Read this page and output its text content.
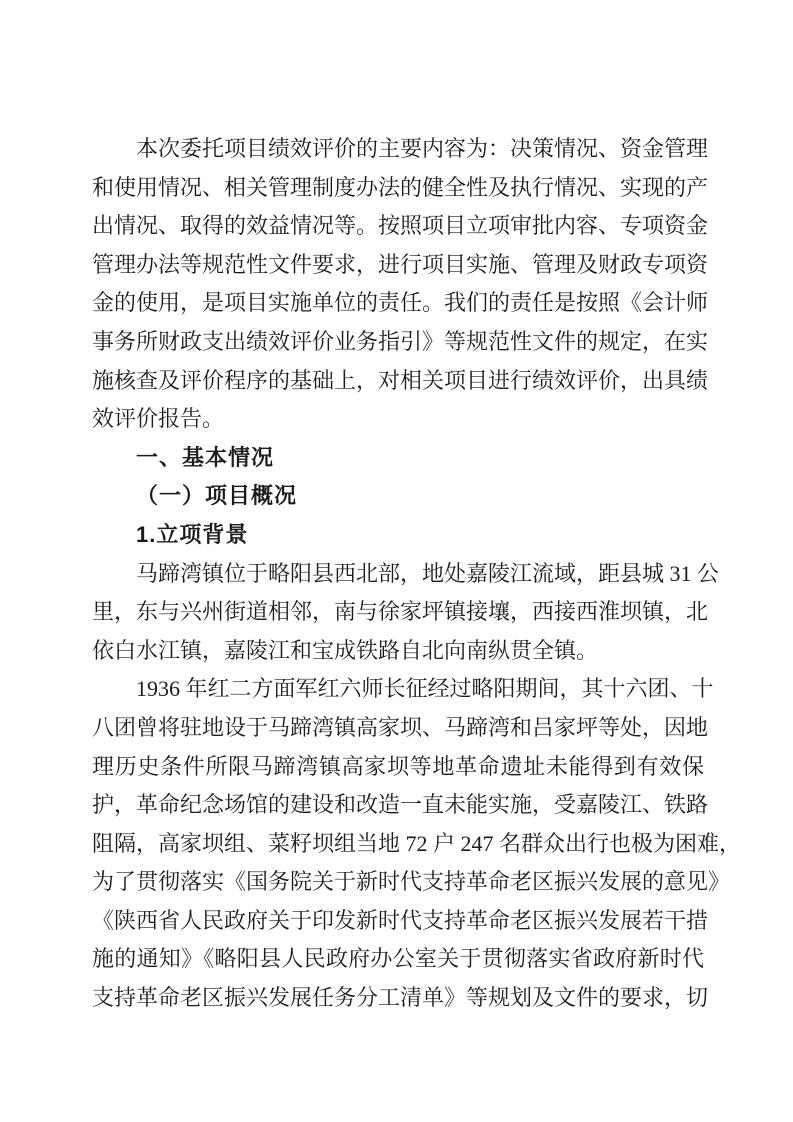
本次委托项目绩效评价的主要内容为：决策情况、资金管理
和使用情况、相关管理制度办法的健全性及执行情况、实现的产
出情况、取得的效益情况等。按照项目立项审批内容、专项资金
管理办法等规范性文件要求，进行项目实施、管理及财政专项资
金的使用，是项目实施单位的责任。我们的责任是按照《会计师
事务所财政支出绩效评价业务指引》等规范性文件的规定，在实
施核查及评价程序的基础上，对相关项目进行绩效评价，出具绩
效评价报告。
一、基本情况
（一）项目概况
1.立项背景
马蹄湾镇位于略阳县西北部，地处嘉陵江流域，距县城 31 公
里，东与兴州街道相邻，南与徐家坪镇接壤，西接西淮坝镇，北
依白水江镇，嘉陵江和宝成铁路自北向南纵贯全镇。
1936 年红二方面军红六师长征经过略阳期间，其十六团、十
八团曾将驻地设于马蹄湾镇高家坝、马蹄湾和吕家坪等处，因地
理历史条件所限马蹄湾镇高家坝等地革命遗址未能得到有效保
护，革命纪念场馆的建设和改造一直未能实施，受嘉陵江、铁路
阻隔，高家坝组、菜籽坝组当地 72 户 247 名群众出行也极为困难，
为了贯彻落实《国务院关于新时代支持革命老区振兴发展的意见》
《陕西省人民政府关于印发新时代支持革命老区振兴发展若干措
施的通知》《略阳县人民政府办公室关于贯彻落实省政府新时代
支持革命老区振兴发展任务分工清单》等规划及文件的要求，切
